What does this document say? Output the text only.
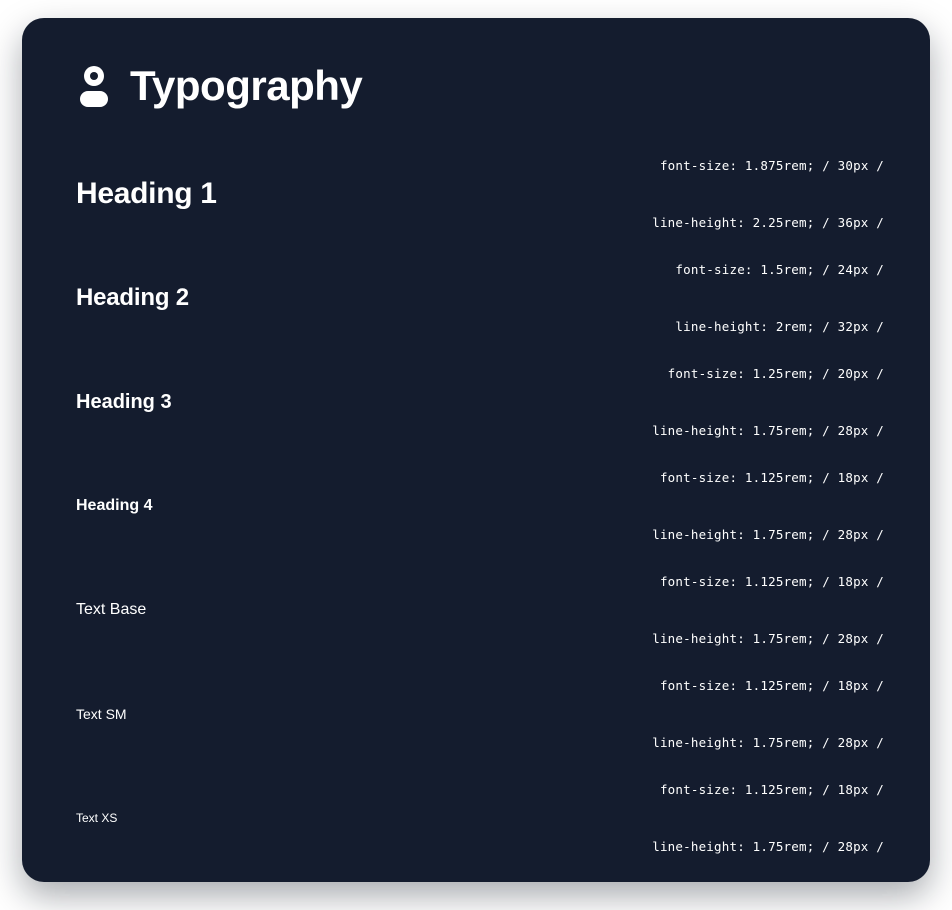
Typography
Heading 1

font-size: 1.875rem; / 30px /

line-height: 2.25rem; / 36px /

Heading 2

font-size: 1.5rem; / 24px /

line-height: 2rem; / 32px /

Heading 3

font-size: 1.25rem; / 20px /

line-height: 1.75rem; / 28px /

Heading 4

font-size: 1.125rem; / 18px /

line-height: 1.75rem; / 28px /

Text Base

font-size: 1.125rem; / 18px /

line-height: 1.75rem; / 28px /

Text SM

font-size: 1.125rem; / 18px /

line-height: 1.75rem; / 28px /

Text XS

font-size: 1.125rem; / 18px /

line-height: 1.75rem; / 28px /
